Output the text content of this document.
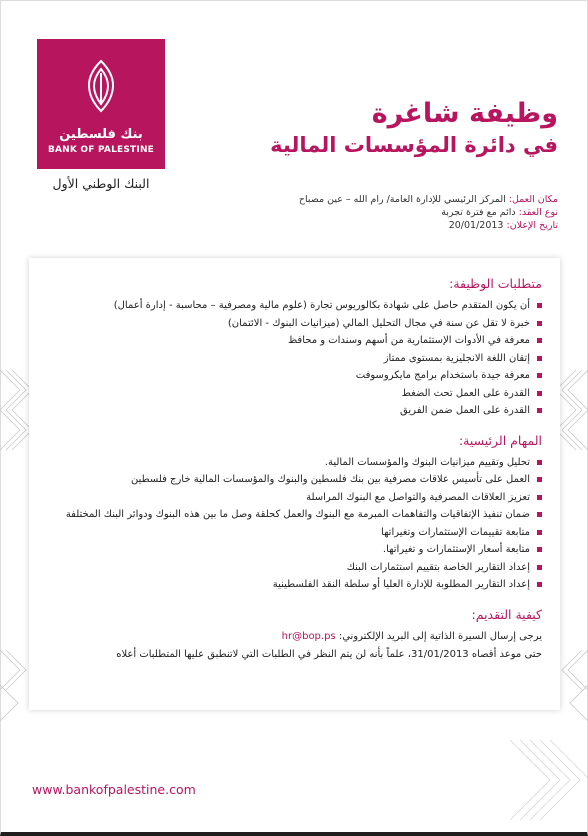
بنك فلسطين
BANK OF PALESTINE
البنك الوطني الأول
وظيفة شاغرة
في دائرة المؤسسات المالية
مكان العمل: المركز الرئيسي للإدارة العامة/ رام الله – عين مصباح
نوع العقد: دائم مع فترة تجربة
تاريخ الإعلان: 20/01/2013
متطلبات الوظيفة:
أن يكون المتقدم حاصل على شهادة بكالوريوس تجارة (علوم مالية ومصرفية – محاسبة - إدارة أعمال)
خبرة لا تقل عن سنة في مجال التحليل المالي (ميزانيات البنوك - الائتمان)
معرفة في الأدوات الإستثمارية من أسهم وسندات و محافظ
إتقان اللغة الانجليزية بمستوى ممتاز
معرفة جيدة باستخدام برامج مايكروسوفت
القدرة على العمل تحت الضغط
القدرة على العمل ضمن الفريق
المهام الرئيسية:
تحليل وتقييم ميزانيات البنوك والمؤسسات المالية.
العمل على تأسيس علاقات مصرفية بين بنك فلسطين والبنوك والمؤسسات المالية خارج فلسطين
تعزيز العلاقات المصرفية والتواصل مع البنوك المراسلة
ضمان تنفيذ الإتفاقيات والتفاهمات المبرمة مع البنوك والعمل كحلقة وصل ما بين هذه البنوك ودوائر البنك المختلفة
متابعة تقييمات الإستثمارات وتغيراتها
متابعة أسعار الإستثمارات و تغيراتها.
إعداد التقارير الخاصة بتقييم استثمارات البنك
إعداد التقارير المطلوبة للإدارة العليا أو سلطة النقد الفلسطينية
كيفية التقديم:
يرجى إرسال السيرة الذاتية إلى البريد الإلكتروني: hr@bop.ps
حتى موعد أقصاه 31/01/2013، علماً بأنه لن يتم النظر في الطلبات التي لاتنطبق عليها المتطلبات أعلاه
www.bankofpalestine.com
